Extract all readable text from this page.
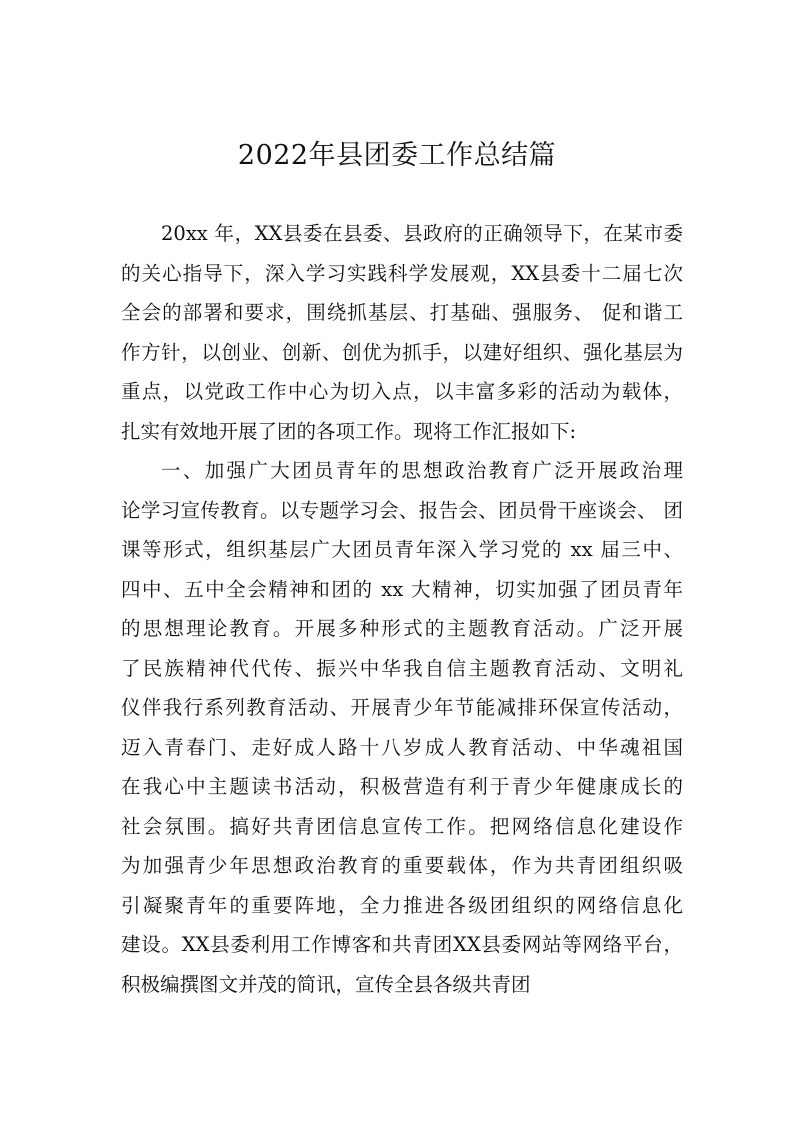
2022年县团委工作总结篇
20xx 年，XX县委在县委、县政府的正确领导下，在某市委
的关心指导下，深入学习实践科学发展观，XX县委十二届七次
全会的部署和要求，围绕抓基层、打基础、强服务、 促和谐工
作方针，以创业、创新、创优为抓手，以建好组织、强化基层为
重点，以党政工作中心为切入点，以丰富多彩的活动为载体，
扎实有效地开展了团的各项工作。现将工作汇报如下:
一、加强广大团员青年的思想政治教育广泛开展政治理
论学习宣传教育。以专题学习会、报告会、团员骨干座谈会、 团
课等形式，组织基层广大团员青年深入学习党的 xx 届三中、
四中、五中全会精神和团的 xx 大精神，切实加强了团员青年
的思想理论教育。开展多种形式的主题教育活动。广泛开展
了民族精神代代传、振兴中华我自信主题教育活动、文明礼
仪伴我行系列教育活动、开展青少年节能减排环保宣传活动，
迈入青春门、走好成人路十八岁成人教育活动、中华魂祖国
在我心中主题读书活动，积极营造有利于青少年健康成长的
社会氛围。搞好共青团信息宣传工作。把网络信息化建设作
为加强青少年思想政治教育的重要载体，作为共青团组织吸
引凝聚青年的重要阵地，全力推进各级团组织的网络信息化
建设。XX县委利用工作博客和共青团XX县委网站等网络平台，
积极编撰图文并茂的简讯，宣传全县各级共青团
